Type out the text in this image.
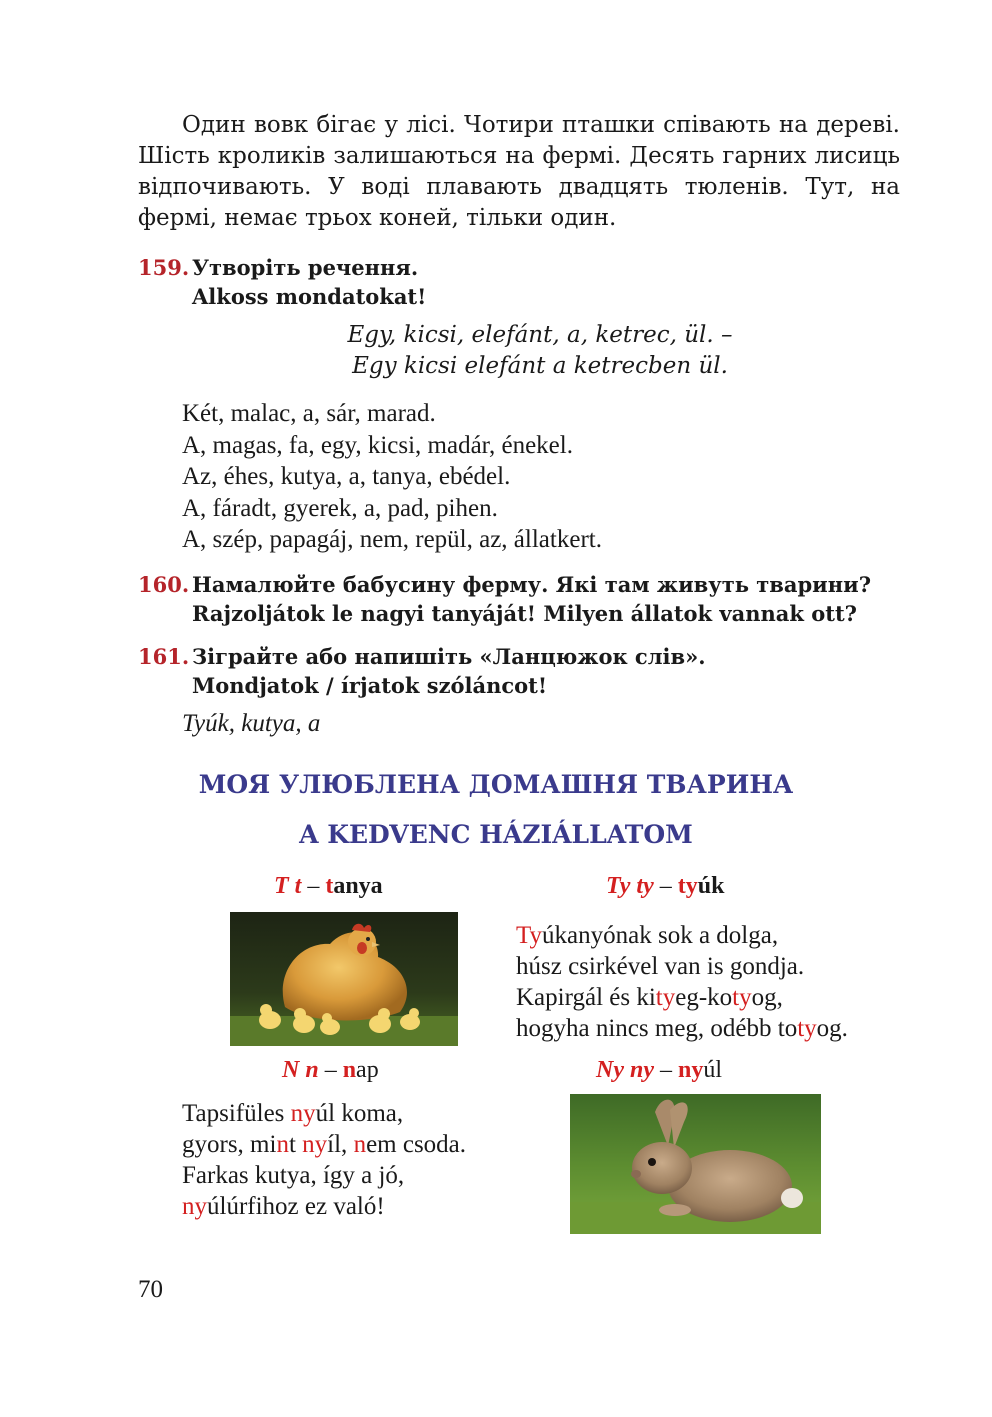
Один вовк бігає у лісі. Чотири пташки співають на дереві. Шість кроликів залишаються на фермі. Десять гарних лисиць відпочивають. У воді плавають двадцять тюленів. Тут, на фермі, немає трьох коней, тільки один.

159. Утворіть речення.
Alkoss mondatokat!
Egy, kicsi, elefánt, a, ketrec, ül. –
Egy kicsi elefánt a ketrecben ül.
Két, malac, a, sár, marad.
A, magas, fa, egy, kicsi, madár, énekel.
Az, éhes, kutya, a, tanya, ebédel.
A, fáradt, gyerek, a, pad, pihen.
A, szép, papagáj, nem, repül, az, állatkert.
160. Намалюйте бабусину ферму. Які там живуть тварини?
Rajzoljátok le nagyi tanyáját! Milyen állatok vannak ott?
161. Зіграйте або напишіть «Ланцюжок слів».
Mondjatok / írjatok szóláncot!
Tyúk, kutya, a
МОЯ УЛЮБЛЕНА ДОМАШНЯ ТВАРИНА
A KEDVENC HÁZIÁLLATOM
T t – tanya	Ty ty – tyúk
Tyúkanyónak sok a dolga,
húsz csirkével van is gondja.
Kapirgál és kityeg-kotyog,
hogyha nincs meg, odébb totyog.
N n – nap	Ny ny – nyúl
Tapsifüles nyúl koma,
gyors, mint nyíl, nem csoda.
Farkas kutya, így a jó,
nyúlúrfihoz ez való!
70
